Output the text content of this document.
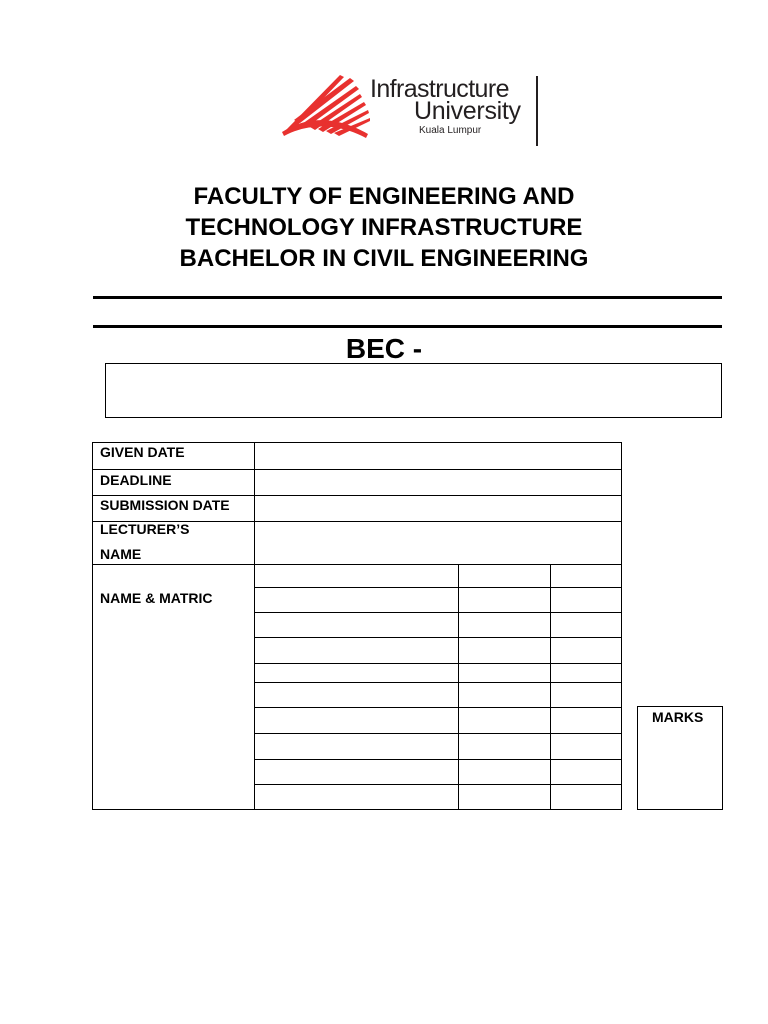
Infrastructure
University
Kuala Lumpur
FACULTY OF ENGINEERING AND
TECHNOLOGY INFRASTRUCTURE
BACHELOR IN CIVIL ENGINEERING
BEC -
GIVEN DATE
DEADLINE
SUBMISSION DATE
LECTURER’S
NAME
NAME & MATRIC
MARKS
